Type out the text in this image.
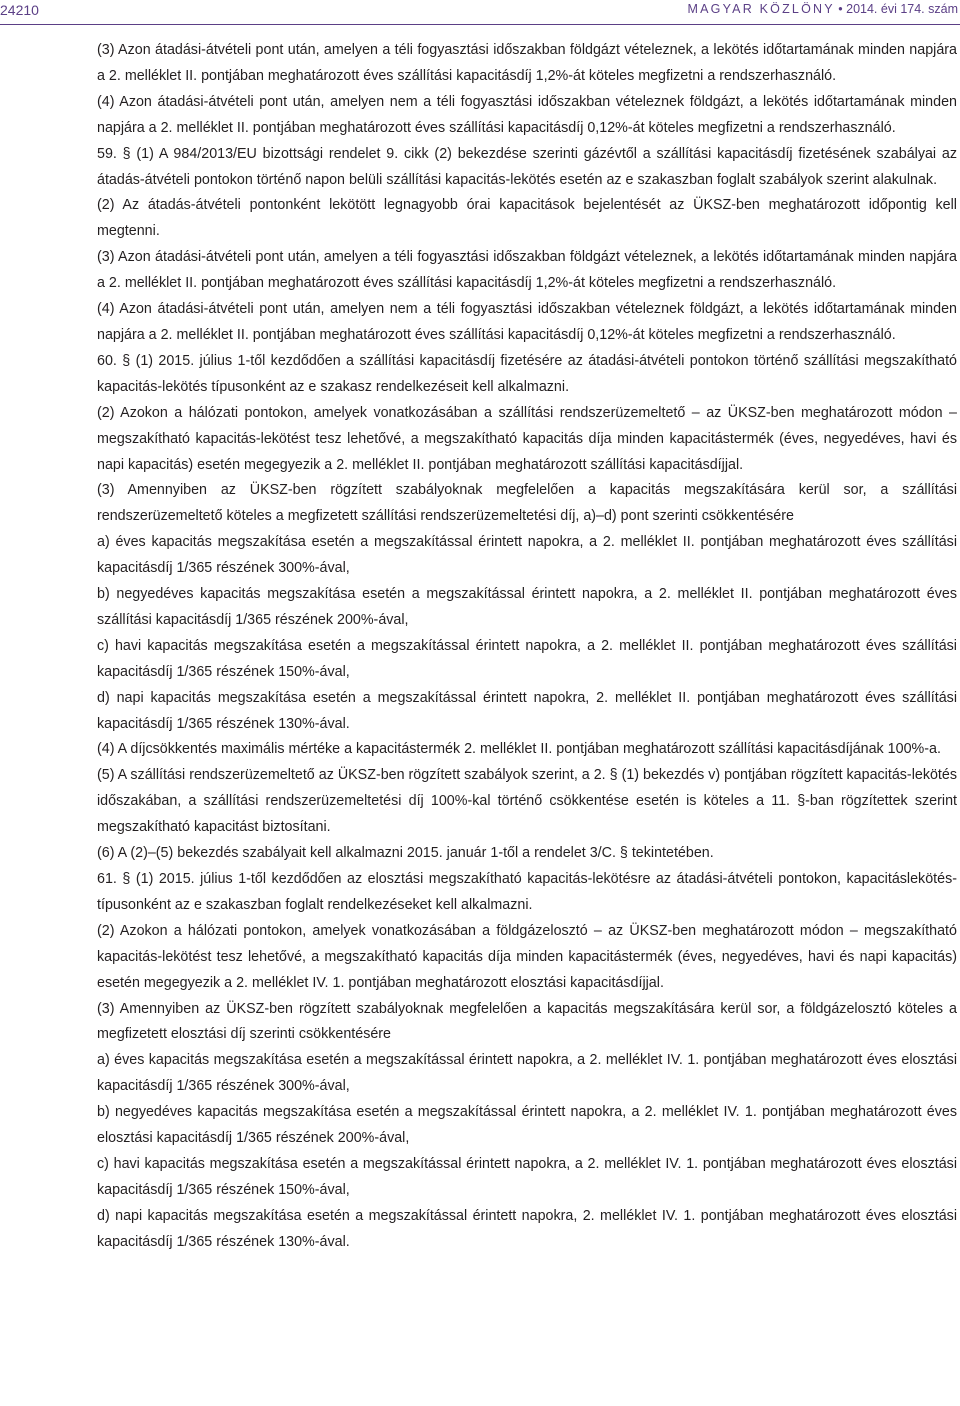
24210	MAGYAR KÖZLÖNY • 2014. évi 174. szám

(3) Azon átadási-átvételi pont után, amelyen a téli fogyasztási időszakban földgázt vételeznek, a lekötés időtartamának minden napjára a 2. melléklet II. pontjában meghatározott éves szállítási kapacitásdíj 1,2%-át köteles megfizetni a rendszerhasználó.

(4) Azon átadási-átvételi pont után, amelyen nem a téli fogyasztási időszakban vételeznek földgázt, a lekötés időtartamának minden napjára a 2. melléklet II. pontjában meghatározott éves szállítási kapacitásdíj 0,12%-át köteles megfizetni a rendszerhasználó.

59. § (1) A 984/2013/EU bizottsági rendelet 9. cikk (2) bekezdése szerinti gázévtől a szállítási kapacitásdíj fizetésének szabályai az átadás-átvételi pontokon történő napon belüli szállítási kapacitás-lekötés esetén az e szakaszban foglalt szabályok szerint alakulnak.

(2) Az átadás-átvételi pontonként lekötött legnagyobb órai kapacitások bejelentését az ÜKSZ-ben meghatározott időpontig kell megtenni.

(3) Azon átadási-átvételi pont után, amelyen a téli fogyasztási időszakban földgázt vételeznek, a lekötés időtartamának minden napjára a 2. melléklet II. pontjában meghatározott éves szállítási kapacitásdíj 1,2%-át köteles megfizetni a rendszerhasználó.

(4) Azon átadási-átvételi pont után, amelyen nem a téli fogyasztási időszakban vételeznek földgázt, a lekötés időtartamának minden napjára a 2. melléklet II. pontjában meghatározott éves szállítási kapacitásdíj 0,12%-át köteles megfizetni a rendszerhasználó.

60. § (1) 2015. július 1-től kezdődően a szállítási kapacitásdíj fizetésére az átadási-átvételi pontokon történő szállítási megszakítható kapacitás-lekötés típusonként az e szakasz rendelkezéseit kell alkalmazni.

(2) Azokon a hálózati pontokon, amelyek vonatkozásában a szállítási rendszerüzemeltető – az ÜKSZ-ben meghatározott módon – megszakítható kapacitás-lekötést tesz lehetővé, a megszakítható kapacitás díja minden kapacitástermék (éves, negyedéves, havi és napi kapacitás) esetén megegyezik a 2. melléklet II. pontjában meghatározott szállítási kapacitásdíjjal.

(3) Amennyiben az ÜKSZ-ben rögzített szabályoknak megfelelően a kapacitás megszakítására kerül sor, a szállítási rendszerüzemeltető köteles a megfizetett szállítási rendszerüzemeltetési díj, a)–d) pont szerinti csökkentésére

a) éves kapacitás megszakítása esetén a megszakítással érintett napokra, a 2. melléklet II. pontjában meghatározott éves szállítási kapacitásdíj 1/365 részének 300%-ával,

b) negyedéves kapacitás megszakítása esetén a megszakítással érintett napokra, a 2. melléklet II. pontjában meghatározott éves szállítási kapacitásdíj 1/365 részének 200%-ával,

c) havi kapacitás megszakítása esetén a megszakítással érintett napokra, a 2. melléklet II. pontjában meghatározott éves szállítási kapacitásdíj 1/365 részének 150%-ával,

d) napi kapacitás megszakítása esetén a megszakítással érintett napokra, 2. melléklet II. pontjában meghatározott éves szállítási kapacitásdíj 1/365 részének 130%-ával.

(4) A díjcsökkentés maximális mértéke a kapacitástermék 2. melléklet II. pontjában meghatározott szállítási kapacitásdíjának 100%-a.

(5) A szállítási rendszerüzemeltető az ÜKSZ-ben rögzített szabályok szerint, a 2. § (1) bekezdés v) pontjában rögzített kapacitás-lekötés időszakában, a szállítási rendszerüzemeltetési díj 100%-kal történő csökkentése esetén is köteles a 11. §-ban rögzítettek szerint megszakítható kapacitást biztosítani.

(6) A (2)–(5) bekezdés szabályait kell alkalmazni 2015. január 1-től a rendelet 3/C. § tekintetében.

61. § (1) 2015. július 1-től kezdődően az elosztási megszakítható kapacitás-lekötésre az átadási-átvételi pontokon, kapacitáslekötés-típusonként az e szakaszban foglalt rendelkezéseket kell alkalmazni.

(2) Azokon a hálózati pontokon, amelyek vonatkozásában a földgázelosztó – az ÜKSZ-ben meghatározott módon – megszakítható kapacitás-lekötést tesz lehetővé, a megszakítható kapacitás díja minden kapacitástermék (éves, negyedéves, havi és napi kapacitás) esetén megegyezik a 2. melléklet IV. 1. pontjában meghatározott elosztási kapacitásdíjjal.

(3) Amennyiben az ÜKSZ-ben rögzített szabályoknak megfelelően a kapacitás megszakítására kerül sor, a földgázelosztó köteles a megfizetett elosztási díj szerinti csökkentésére

a) éves kapacitás megszakítása esetén a megszakítással érintett napokra, a 2. melléklet IV. 1. pontjában meghatározott éves elosztási kapacitásdíj 1/365 részének 300%-ával,

b) negyedéves kapacitás megszakítása esetén a megszakítással érintett napokra, a 2. melléklet IV. 1. pontjában meghatározott éves elosztási kapacitásdíj 1/365 részének 200%-ával,

c) havi kapacitás megszakítása esetén a megszakítással érintett napokra, a 2. melléklet IV. 1. pontjában meghatározott éves elosztási kapacitásdíj 1/365 részének 150%-ával,

d) napi kapacitás megszakítása esetén a megszakítással érintett napokra, 2. melléklet IV. 1. pontjában meghatározott éves elosztási kapacitásdíj 1/365 részének 130%-ával.
